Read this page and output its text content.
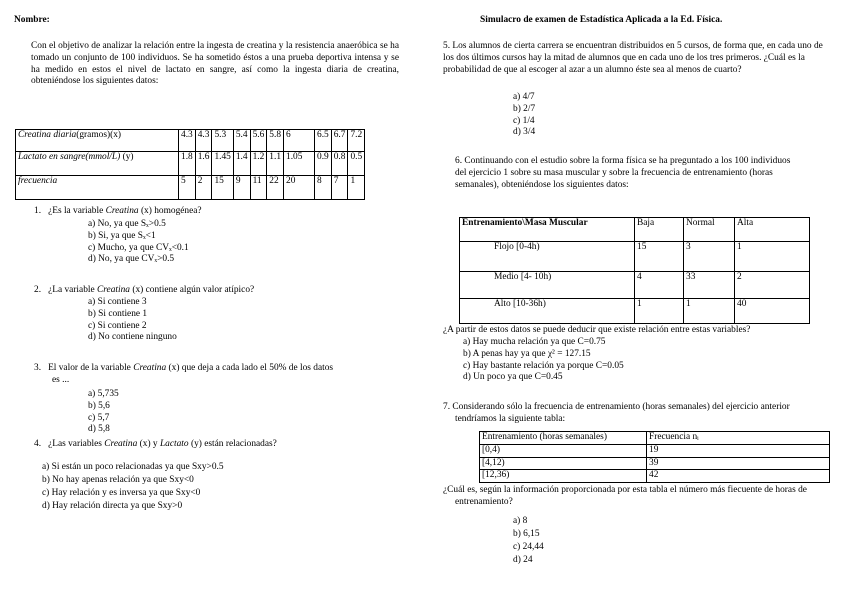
Nombre:	Simulacro de examen de Estadística Aplicada a la Ed. Física.
Con el objetivo de analizar la relación entre la ingesta de creatina y la resistencia anaeróbica se ha tomado un conjunto de 100 individuos. Se ha sometido éstos a una prueba deportiva intensa y se ha medido en estos el nivel de lactato en sangre, así como la ingesta diaria de creatina, obteniéndose los siguientes datos:
Creatina diaria(gramos)(x)	4.3	4.3	5.3	5.4	5.6	5.8	6	6.5	6.7	7.2
Lactato en sangre(mmol/L) (y)	1.8	1.6	1.45	1.4	1.2	1.1	1.05	0.9	0.8	0.5
frecuencia	5	2	15	9	11	22	20	8	7	1
1. ¿Es la variable Creatina (x) homogénea?
a) No, ya que Sₓ>0.5
b) Si, ya que Sₓ<1
c) Mucho, ya que CVₓ<0.1
d) No, ya que CVₓ>0.5
2. ¿La variable Creatina (x) contiene algún valor atípico?
a) Si contiene 3
b) Si contiene 1
c) Si contiene 2
d) No contiene ninguno
3. El valor de la variable Creatina (x) que deja a cada lado el 50% de los datos
es ...
a) 5,735
b) 5,6
c) 5,7
d) 5,8
4. ¿Las variables Creatina (x) y Lactato (y) están relacionadas?
a) Si están un poco relacionadas ya que Sxy>0.5
b) No hay apenas relación ya que Sxy<0
c) Hay relación y es inversa ya que Sxy<0
d) Hay relación directa ya que Sxy>0
5. Los alumnos de cierta carrera se encuentran distribuidos en 5 cursos, de forma que, en cada uno de los dos últimos cursos hay la mitad de alumnos que en cada uno de los tres primeros. ¿Cuál es la probabilidad de que al escoger al azar a un alumno éste sea al menos de cuarto?
a) 4/7
b) 2/7
c) 1/4
d) 3/4
6. Continuando con el estudio sobre la forma física se ha preguntado a los 100 individuos del ejercicio 1 sobre su masa muscular y sobre la frecuencia de entrenamiento (horas semanales), obteniéndose los siguientes datos:
Entrenamiento\Masa Muscular	Baja	Normal	Alta
Flojo [0-4h)	15	3	1
Medio [4- 10h)	4	33	2
Alto [10-36h)	1	1	40
¿A partir de estos datos se puede deducir que existe relación entre estas variables?
a) Hay mucha relación ya que C=0.75
b) A penas hay ya que χ² = 127.15
c) Hay bastante relación ya porque C=0.05
d) Un poco ya que C=0.45
7. Considerando sólo la frecuencia de entrenamiento (horas semanales) del ejercicio anterior tendríamos la siguiente tabla:
Entrenamiento (horas semanales)	Frecuencia nᵢ
[0,4)	19
[4,12)	39
[12,36)	42
¿Cuál es, según la información proporcionada por esta tabla el número más fiecuente de horas de entrenamiento?
a) 8
b) 6,15
c) 24,44
d) 24
